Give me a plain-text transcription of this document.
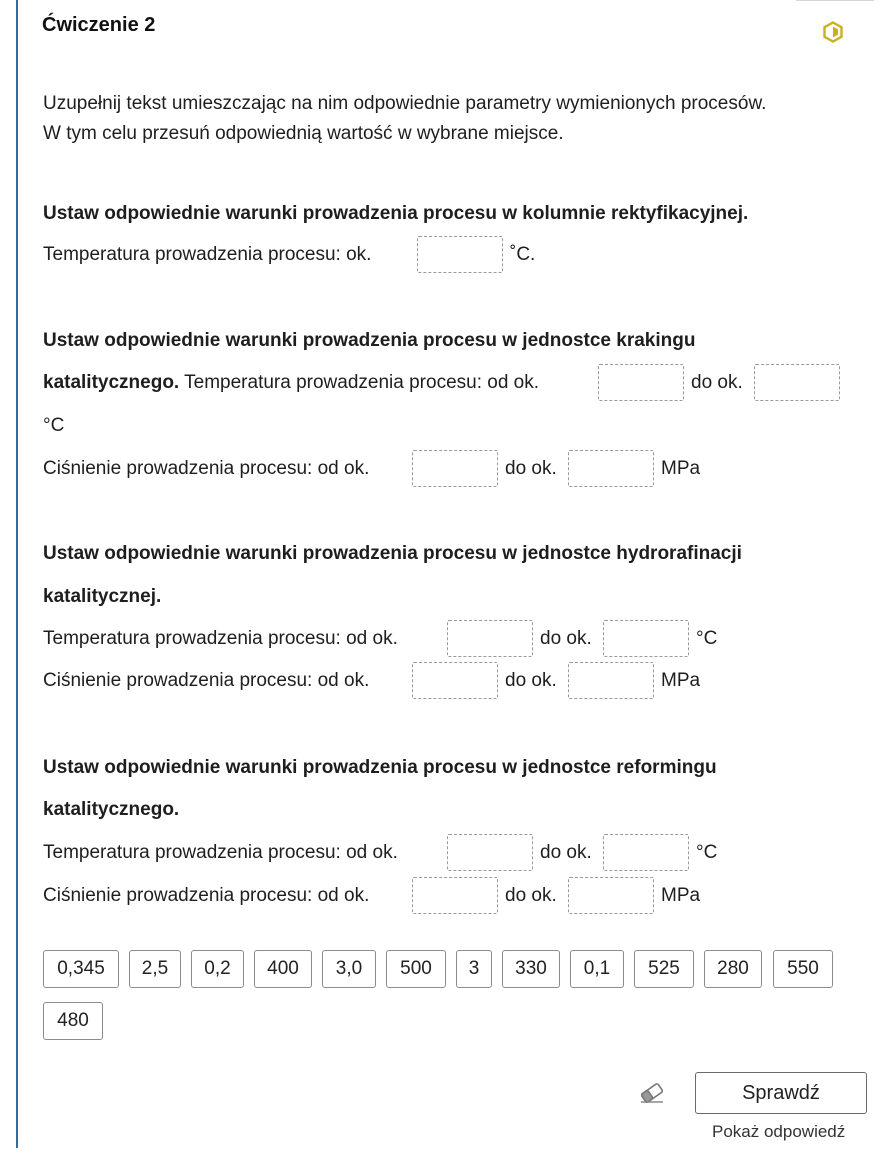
Ćwiczenie 2
Uzupełnij tekst umieszczając na nim odpowiednie parametry wymienionych procesów.
W tym celu przesuń odpowiednią wartość w wybrane miejsce.
Ustaw odpowiednie warunki prowadzenia procesu w kolumnie rektyfikacyjnej.
Temperatura prowadzenia procesu: ok.	˚C.
Ustaw odpowiednie warunki prowadzenia procesu w jednostce krakingu
katalitycznego. Temperatura prowadzenia procesu: od ok.	do ok.
°C
Ciśnienie prowadzenia procesu: od ok.	do ok.	MPa
Ustaw odpowiednie warunki prowadzenia procesu w jednostce hydrorafinacji
katalitycznej.
Temperatura prowadzenia procesu: od ok.	do ok.	°C
Ciśnienie prowadzenia procesu: od ok.	do ok.	MPa
Ustaw odpowiednie warunki prowadzenia procesu w jednostce reformingu
katalitycznego.
Temperatura prowadzenia procesu: od ok.	do ok.	°C
Ciśnienie prowadzenia procesu: od ok.	do ok.	MPa
0,345	2,5	0,2	400	3,0	500	3	330	0,1	525	280	550
480
Sprawdź
Pokaż odpowiedź
